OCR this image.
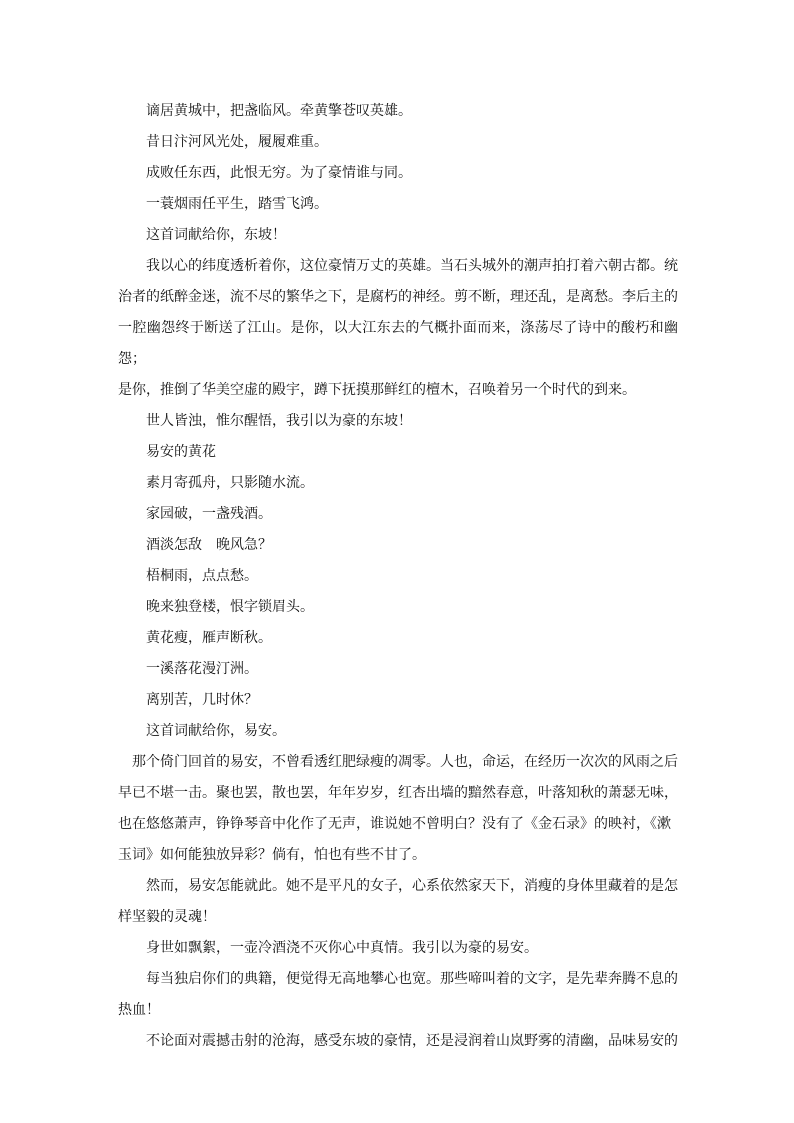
谪居黄城中，把盏临风。牵黄擎苍叹英雄。

昔日汴河风光处，履履难重。

成败任东西，此恨无穷。为了豪情谁与同。

一蓑烟雨任平生，踏雪飞鸿。

这首词献给你，东坡！

我以心的纬度透析着你，这位豪情万丈的英雄。当石头城外的潮声拍打着六朝古都。统

治者的纸醉金迷，流不尽的繁华之下，是腐朽的神经。剪不断，理还乱，是离愁。李后主的

一腔幽怨终于断送了江山。是你，以大江东去的气概扑面而来，涤荡尽了诗中的酸朽和幽怨；

是你，推倒了华美空虚的殿宇，蹲下抚摸那鲜红的檀木，召唤着另一个时代的到来。

世人皆浊，惟尔醒悟，我引以为豪的东坡！

易安的黄花

素月寄孤舟，只影随水流。

家园破，一盏残酒。

酒淡怎敌　晚风急？

梧桐雨，点点愁。

晚来独登楼，恨字锁眉头。

黄花瘦，雁声断秋。

一溪落花漫汀洲。

离别苦，几时休？

这首词献给你，易安。

那个倚门回首的易安，不曾看透红肥绿瘦的凋零。人也，命运，在经历一次次的风雨之后

早已不堪一击。聚也罢，散也罢，年年岁岁，红杏出墙的黯然春意，叶落知秋的萧瑟无味，

也在悠悠萧声，铮铮琴音中化作了无声，谁说她不曾明白？没有了《金石录》的映衬，《漱

玉词》如何能独放异彩？倘有，怕也有些不甘了。

然而，易安怎能就此。她不是平凡的女子，心系依然家天下，消瘦的身体里藏着的是怎

样坚毅的灵魂！

身世如飘絮，一壶冷酒浇不灭你心中真情。我引以为豪的易安。

每当独启你们的典籍，便觉得无高地攀心也宽。那些啼叫着的文字，是先辈奔腾不息的

热血！

不论面对震撼击射的沧海，感受东坡的豪情，还是浸润着山岚野雾的清幽，品味易安的
